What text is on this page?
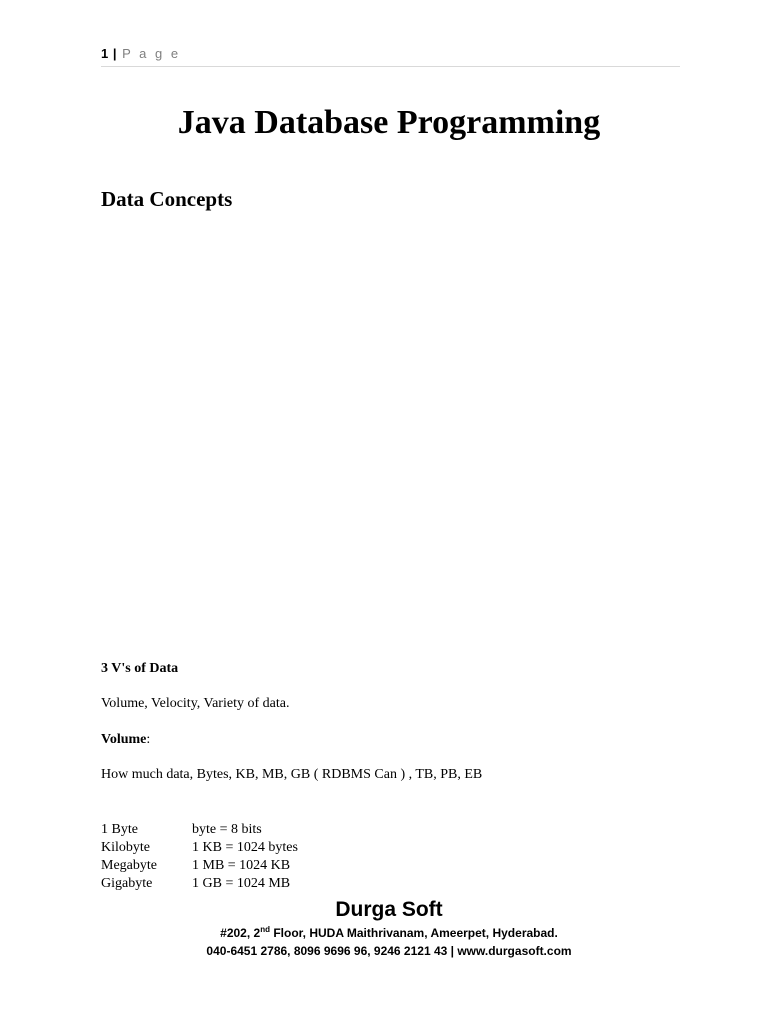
1 | P a g e
Java Database Programming
Data Concepts

3 V's of Data

Volume, Velocity, Variety of data.

Volume:

How much data, Bytes, KB, MB, GB ( RDBMS Can ) , TB, PB, EB

1 Byte	byte = 8 bits
Kilobyte	1 KB = 1024 bytes
Megabyte	1 MB = 1024 KB
Gigabyte	1 GB = 1024 MB
Durga Soft
#202, 2nd Floor, HUDA Maithrivanam, Ameerpet, Hyderabad.
040-6451 2786, 8096 9696 96, 9246 2121 43 | www.durgasoft.com
